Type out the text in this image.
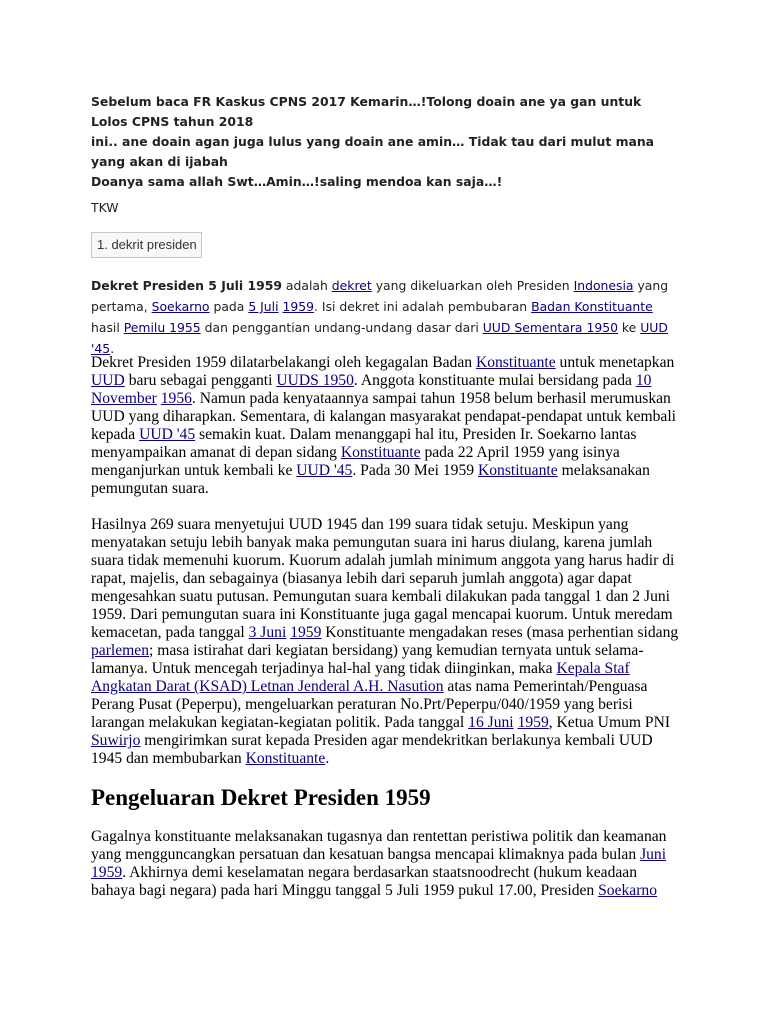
Sebelum baca FR Kaskus CPNS 2017 Kemarin…!Tolong doain ane ya gan untuk Lolos CPNS tahun 2018
ini.. ane doain agan juga lulus yang doain ane amin… Tidak tau dari mulut mana yang akan di ijabah
Doanya sama allah Swt…Amin…!saling mendoa kan saja…!
TKW
1. dekrit presiden

Dekret Presiden 5 Juli 1959 adalah dekret yang dikeluarkan oleh Presiden Indonesia yang pertama, Soekarno pada 5 Juli 1959. Isi dekret ini adalah pembubaran Badan Konstituante hasil Pemilu 1955 dan penggantian undang-undang dasar dari UUD Sementara 1950 ke UUD '45.

Dekret Presiden 1959 dilatarbelakangi oleh kegagalan Badan Konstituante untuk menetapkan UUD baru sebagai pengganti UUDS 1950. Anggota konstituante mulai bersidang pada 10 November 1956. Namun pada kenyataannya sampai tahun 1958 belum berhasil merumuskan UUD yang diharapkan. Sementara, di kalangan masyarakat pendapat-pendapat untuk kembali kepada UUD '45 semakin kuat. Dalam menanggapi hal itu, Presiden Ir. Soekarno lantas menyampaikan amanat di depan sidang Konstituante pada 22 April 1959 yang isinya menganjurkan untuk kembali ke UUD '45. Pada 30 Mei 1959 Konstituante melaksanakan pemungutan suara.

Hasilnya 269 suara menyetujui UUD 1945 dan 199 suara tidak setuju. Meskipun yang menyatakan setuju lebih banyak maka pemungutan suara ini harus diulang, karena jumlah suara tidak memenuhi kuorum. Kuorum adalah jumlah minimum anggota yang harus hadir di rapat, majelis, dan sebagainya (biasanya lebih dari separuh jumlah anggota) agar dapat mengesahkan suatu putusan. Pemungutan suara kembali dilakukan pada tanggal 1 dan 2 Juni 1959. Dari pemungutan suara ini Konstituante juga gagal mencapai kuorum. Untuk meredam kemacetan, pada tanggal 3 Juni 1959 Konstituante mengadakan reses (masa perhentian sidang parlemen; masa istirahat dari kegiatan bersidang) yang kemudian ternyata untuk selama-lamanya. Untuk mencegah terjadinya hal-hal yang tidak diinginkan, maka Kepala Staf Angkatan Darat (KSAD) Letnan Jenderal A.H. Nasution atas nama Pemerintah/Penguasa Perang Pusat (Peperpu), mengeluarkan peraturan No.Prt/Peperpu/040/1959 yang berisi larangan melakukan kegiatan-kegiatan politik. Pada tanggal 16 Juni 1959, Ketua Umum PNI Suwirjo mengirimkan surat kepada Presiden agar mendekritkan berlakunya kembali UUD 1945 dan membubarkan Konstituante.

Pengeluaran Dekret Presiden 1959

Gagalnya konstituante melaksanakan tugasnya dan rentettan peristiwa politik dan keamanan yang mengguncangkan persatuan dan kesatuan bangsa mencapai klimaknya pada bulan Juni 1959. Akhirnya demi keselamatan negara berdasarkan staatsnoodrecht (hukum keadaan bahaya bagi negara) pada hari Minggu tanggal 5 Juli 1959 pukul 17.00, Presiden Soekarno
